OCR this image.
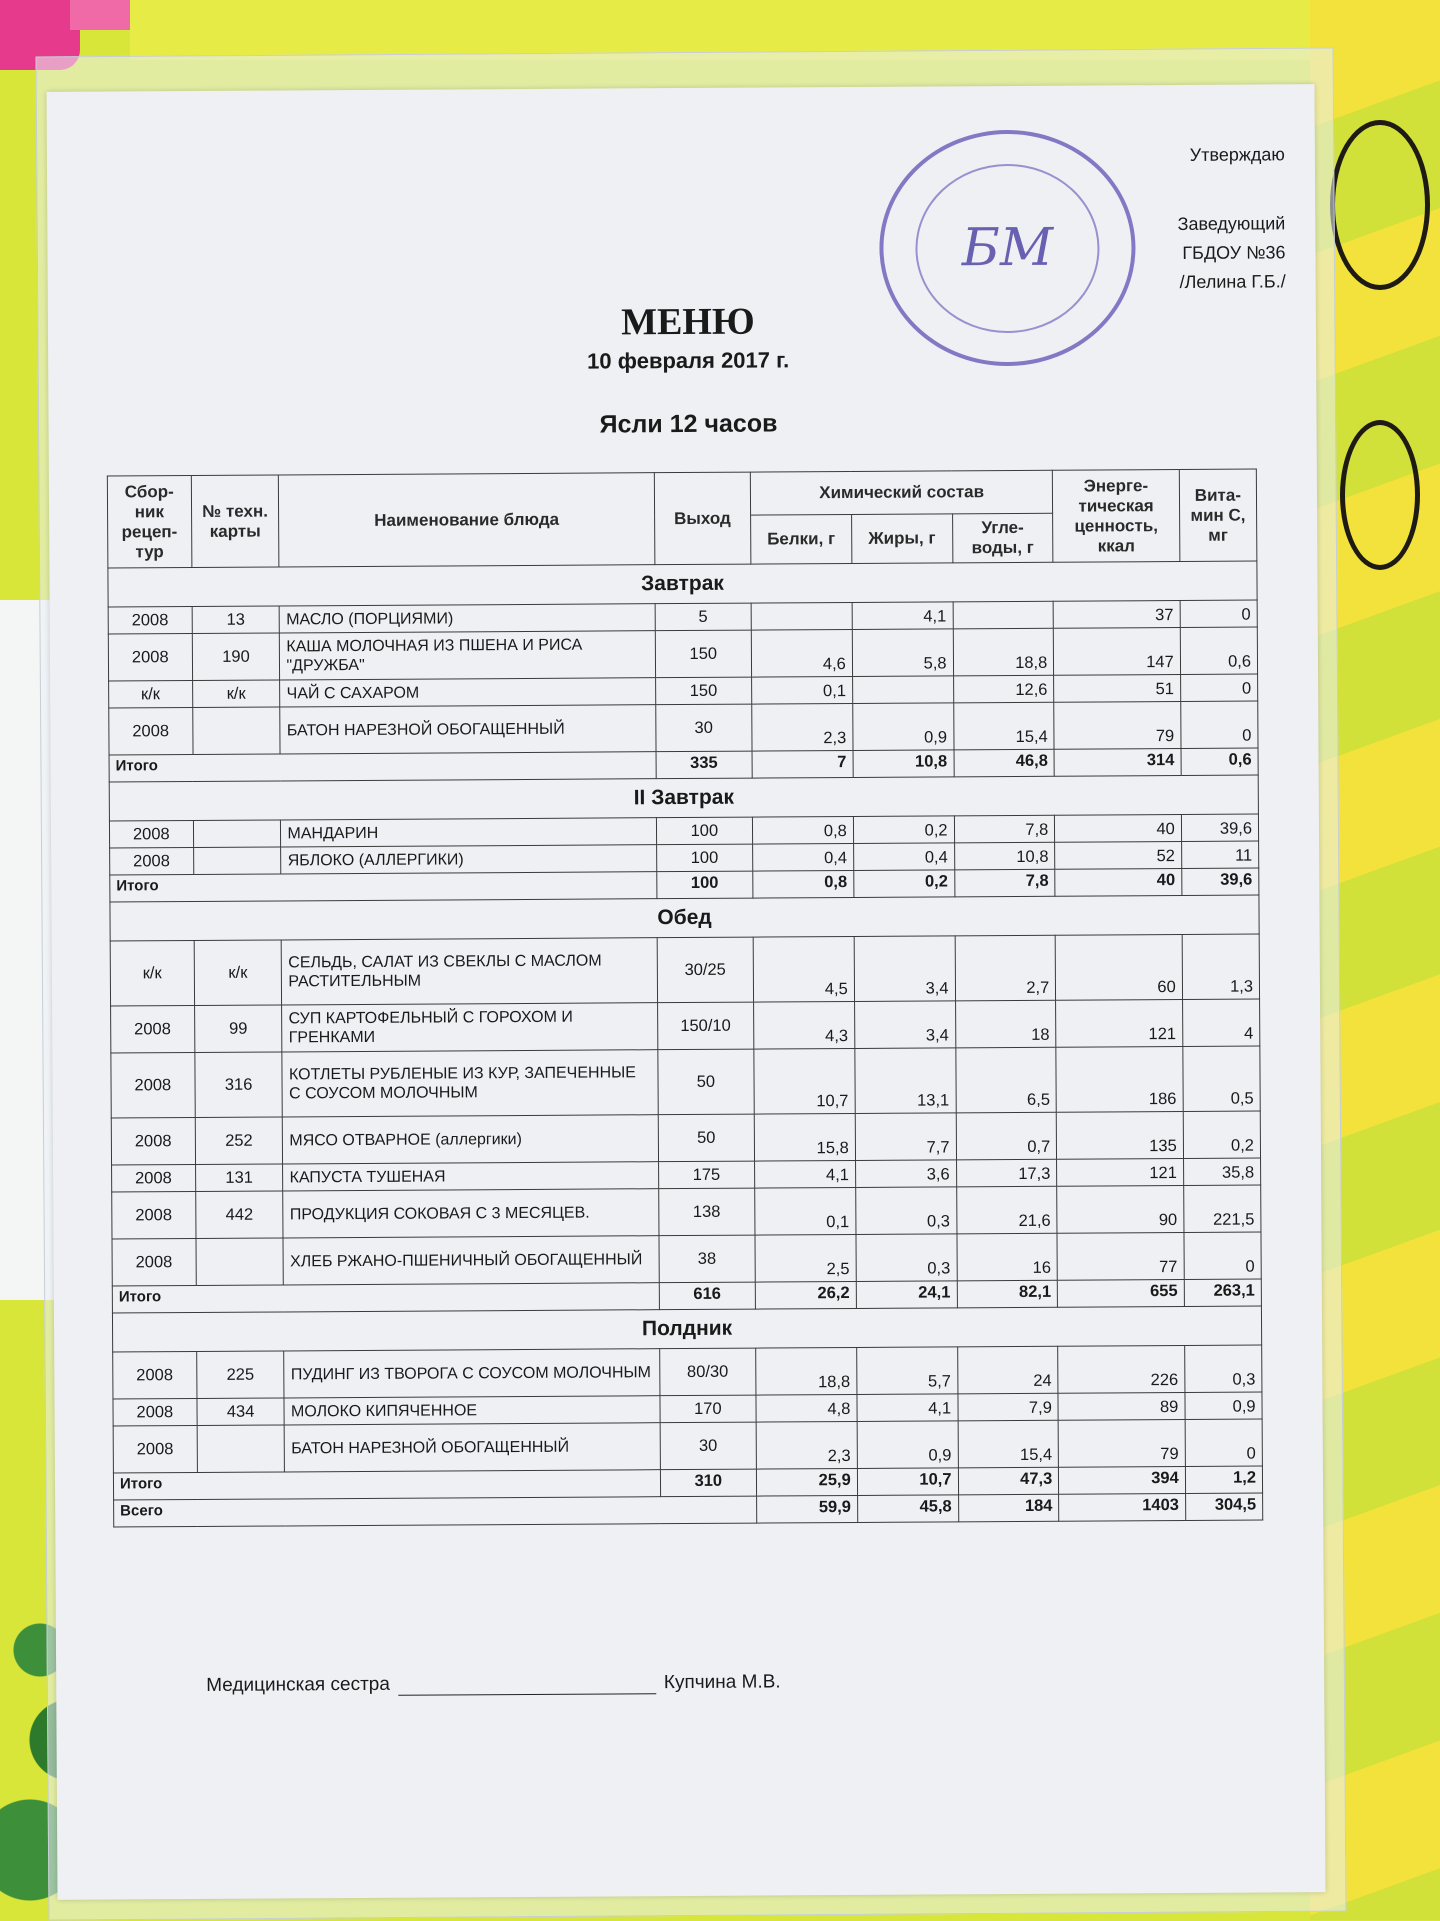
БМ
Утверждаю
Заведующий
ГБДОУ №36
/Лелина Г.Б./
МЕНЮ
10 февраля 2017 г.
Ясли 12 часов
Сбор-ник рецеп-тур	№ техн. карты	Наименование блюда	Выход	Химический состав			Энерге-тическая ценность, ккал	Вита-мин С, мг
				Белки, г	Жиры, г	Угле-воды, г		
Завтрак								
2008	13	МАСЛО (ПОРЦИЯМИ)	5		4,1		37	0
2008	190	КАША МОЛОЧНАЯ ИЗ ПШЕНА И РИСА "ДРУЖБА"	150	4,6	5,8	18,8	147	0,6
к/к	к/к	ЧАЙ С САХАРОМ	150	0,1		12,6	51	0
2008		БАТОН НАРЕЗНОЙ ОБОГАЩЕННЫЙ	30	2,3	0,9	15,4	79	0
Итого			335	7	10,8	46,8	314	0,6
II Завтрак								
2008		МАНДАРИН	100	0,8	0,2	7,8	40	39,6
2008		ЯБЛОКО (АЛЛЕРГИКИ)	100	0,4	0,4	10,8	52	11
Итого			100	0,8	0,2	7,8	40	39,6
Обед								
к/к	к/к	СЕЛЬДЬ, САЛАТ ИЗ СВЕКЛЫ С МАСЛОМ РАСТИТЕЛЬНЫМ	30/25	4,5	3,4	2,7	60	1,3
2008	99	СУП КАРТОФЕЛЬНЫЙ С ГОРОХОМ И ГРЕНКАМИ	150/10	4,3	3,4	18	121	4
2008	316	КОТЛЕТЫ РУБЛЕНЫЕ ИЗ КУР, ЗАПЕЧЕННЫЕ С СОУСОМ МОЛОЧНЫМ	50	10,7	13,1	6,5	186	0,5
2008	252	МЯСО ОТВАРНОЕ (аллергики)	50	15,8	7,7	0,7	135	0,2
2008	131	КАПУСТА ТУШЕНАЯ	175	4,1	3,6	17,3	121	35,8
2008	442	ПРОДУКЦИЯ СОКОВАЯ С 3 МЕСЯЦЕВ.	138	0,1	0,3	21,6	90	221,5
2008		ХЛЕБ РЖАНО-ПШЕНИЧНЫЙ ОБОГАЩЕННЫЙ	38	2,5	0,3	16	77	0
Итого			616	26,2	24,1	82,1	655	263,1
Полдник								
2008	225	ПУДИНГ ИЗ ТВОРОГА С СОУСОМ МОЛОЧНЫМ	80/30	18,8	5,7	24	226	0,3
2008	434	МОЛОКО КИПЯЧЕННОЕ	170	4,8	4,1	7,9	89	0,9
2008		БАТОН НАРЕЗНОЙ ОБОГАЩЕННЫЙ	30	2,3	0,9	15,4	79	0
Итого			310	25,9	10,7	47,3	394	1,2
Всего				59,9	45,8	184	1403	304,5
Медицинская сестра	Купчина М.В.
